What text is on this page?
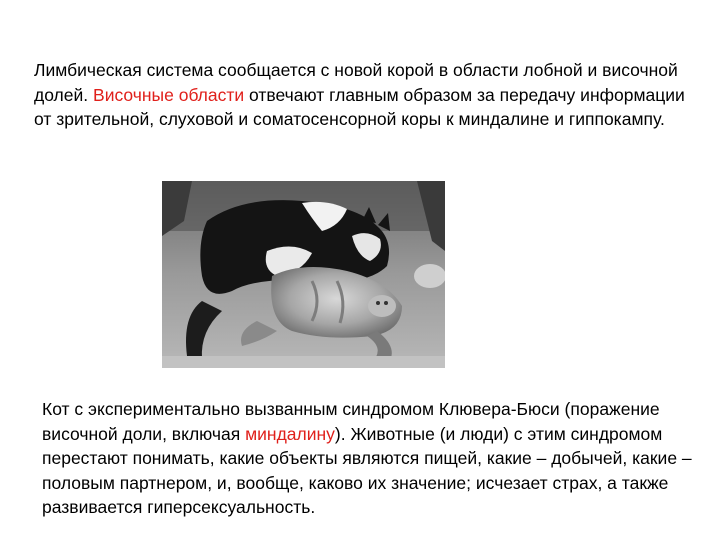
Лимбическая система сообщается с новой корой в области лобной и височной долей. Височные области отвечают главным образом за передачу информации от зрительной, слуховой и соматосенсорной коры к миндалине и гиппокампу.

Кот с экспериментально вызванным синдромом Клювера-Бюси (поражение височной доли, включая миндалину). Животные (и люди) с этим синдромом перестают понимать, какие объекты являются пищей, какие – добычей, какие – половым партнером, и, вообще, каково их значение; исчезает страх, а также развивается гиперсексуальность.
